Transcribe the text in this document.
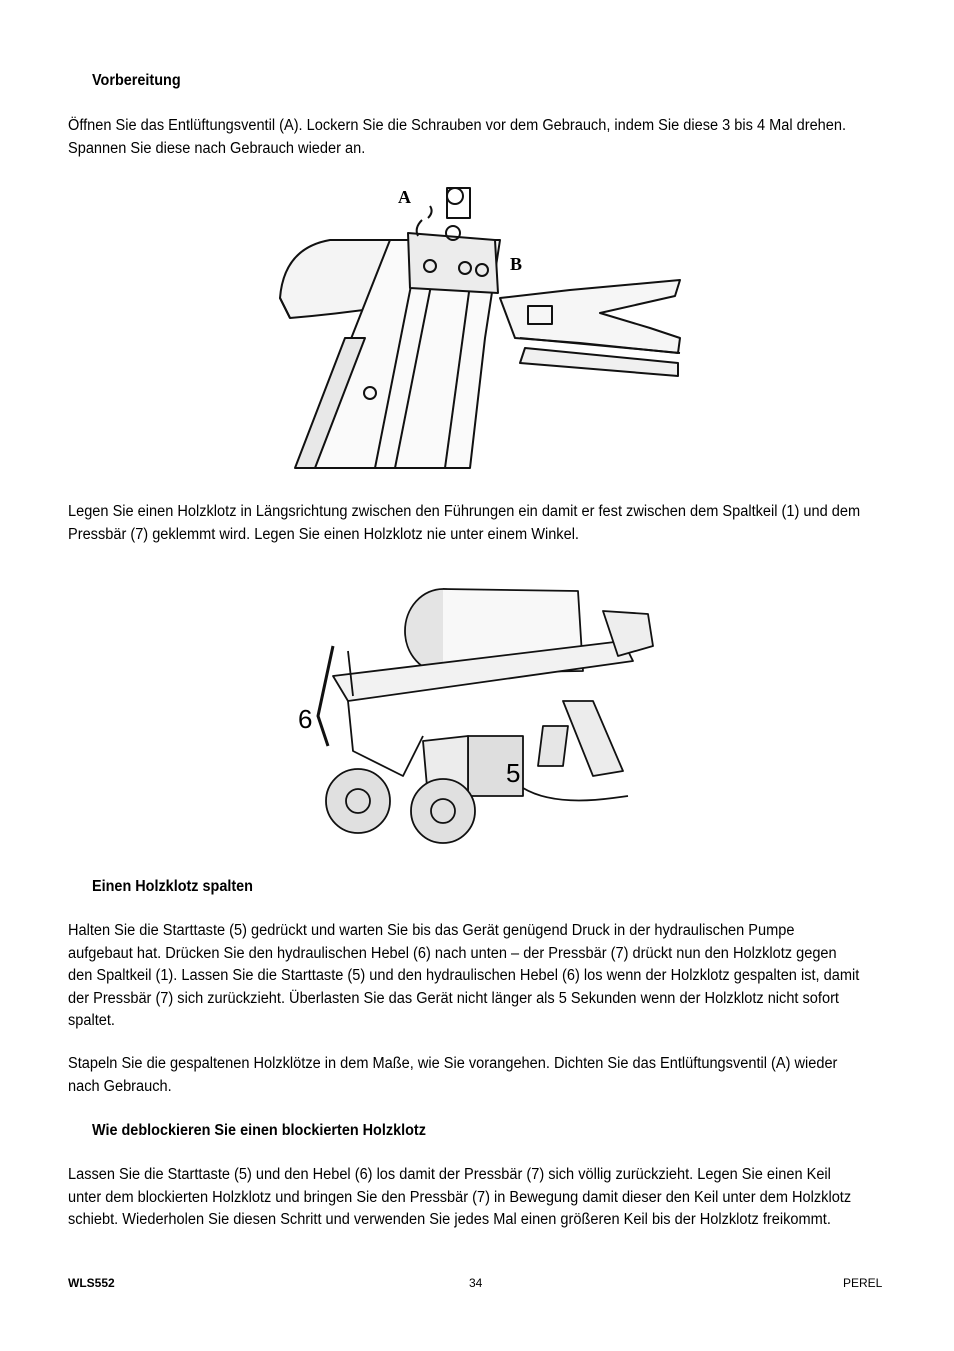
Vorbereitung
Öffnen Sie das Entlüftungsventil (A). Lockern Sie die Schrauben vor dem Gebrauch, indem Sie diese 3 bis 4 Mal drehen. Spannen Sie diese nach Gebrauch wieder an.
A
B
Legen Sie einen Holzklotz in Längsrichtung zwischen den Führungen ein damit er fest zwischen dem Spaltkeil (1) und dem Pressbär (7) geklemmt wird. Legen Sie einen Holzklotz nie unter einem Winkel.
6
5
Einen Holzklotz spalten
Halten Sie die Starttaste (5) gedrückt und warten Sie bis das Gerät genügend Druck in der hydraulischen Pumpe aufgebaut hat. Drücken Sie den hydraulischen Hebel (6) nach unten – der Pressbär (7) drückt nun den Holzklotz gegen den Spaltkeil (1). Lassen Sie die Starttaste (5) und den hydraulischen Hebel (6) los wenn der Holzklotz gespalten ist, damit der Pressbär (7) sich zurückzieht. Überlasten Sie das Gerät nicht länger als 5 Sekunden wenn der Holzklotz nicht sofort spaltet.
Stapeln Sie die gespaltenen Holzklötze in dem Maße, wie Sie vorangehen. Dichten Sie das Entlüftungsventil (A) wieder nach Gebrauch.
Wie deblockieren Sie einen blockierten Holzklotz
Lassen Sie die Starttaste (5) und den Hebel (6) los damit der Pressbär (7) sich völlig zurückzieht. Legen Sie einen Keil unter dem blockierten Holzklotz und bringen Sie den Pressbär (7) in Bewegung damit dieser den Keil unter dem Holzklotz schiebt. Wiederholen Sie diesen Schritt und verwenden Sie jedes Mal einen größeren Keil bis der Holzklotz freikommt.
WLS552	34	PEREL
